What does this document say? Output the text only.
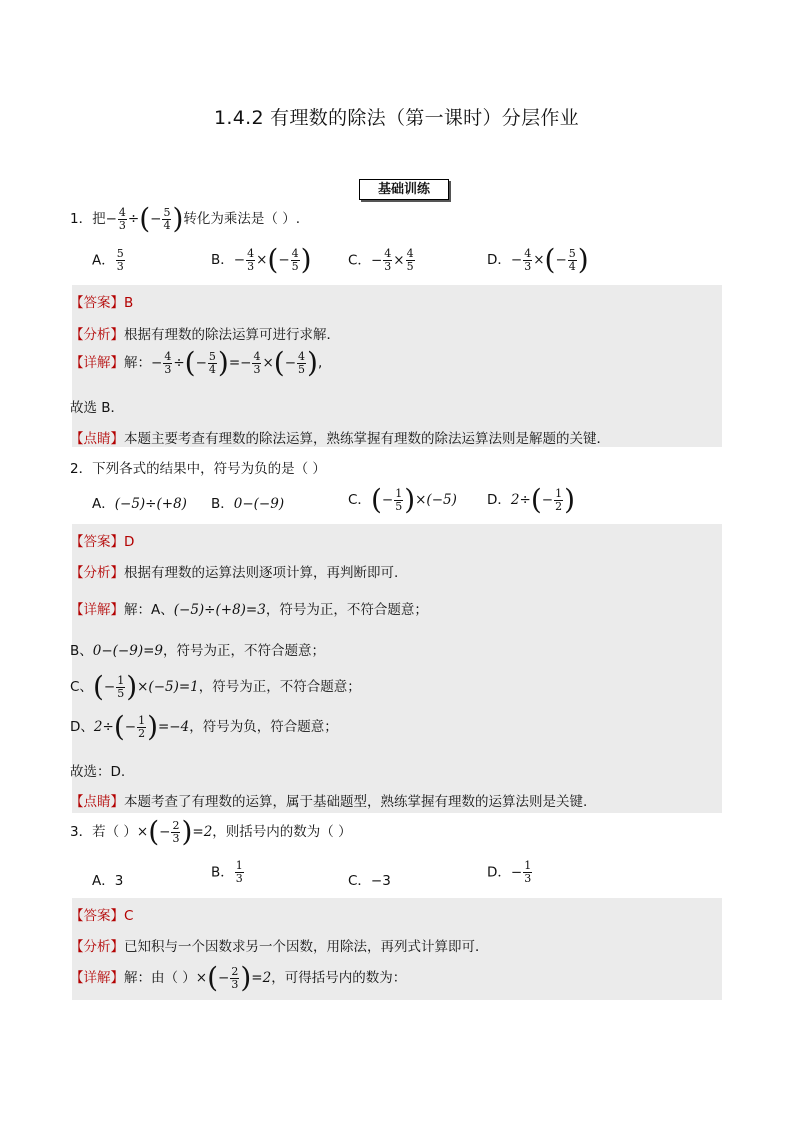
1.4.2 有理数的除法（第一课时）分层作业
基础训练
1．把− $\frac{4}{3}$ ÷(− $\frac{5}{4}$ )转化为乘法是（ ）.
A． $\frac{5}{3}$	B．− $\frac{4}{3}$ ×(− $\frac{4}{5}$ )	C．− $\frac{4}{3} \times \frac{4}{5}$	D．− $\frac{4}{3}$ ×(− $\frac{5}{4}$ )
【答案】B
【分析】根据有理数的除法运算可进行求解．
【详解】解：− $\frac{4}{3}$ ÷(− $\frac{5}{4}$ )=− $\frac{4}{3}$ ×(− $\frac{4}{5}$ ),
故选 B．
【点睛】本题主要考查有理数的除法运算，熟练掌握有理数的除法运算法则是解题的关键．
2．下列各式的结果中，符号为负的是（ ）
A．(−5)÷(+8) B．0−(−9)	C．(− $\frac{1}{5} )\times(-5)$ D．$2\div(- \frac{1}{2}$ )
【答案】D
【分析】根据有理数的运算法则逐项计算，再判断即可.
【详解】解：A、(−5)÷(+8)=3，符号为正，不符合题意；
B、0−(−9)=9，符号为正，不符合题意；
C、(− $\frac{1}{5} )\times(-5)=1$，符号为正，不符合题意；
D、$2\div(- \frac{1}{2} )=-4$，符号为负，符合题意；
故选：D.
【点睛】本题考查了有理数的运算，属于基础题型，熟练掌握有理数的运算法则是关键.
3．若（ ）×(− $\frac{2}{3} )=2$，则括号内的数为（ ）
A．3
B． $\frac{1}{3}$	C．−3
D．− $\frac{1}{3}$
【答案】C
【分析】已知积与一个因数求另一个因数，用除法，再列式计算即可．
【详解】解：由（ ）×(− $\frac{2}{3} )=2$，可得括号内的数为：
